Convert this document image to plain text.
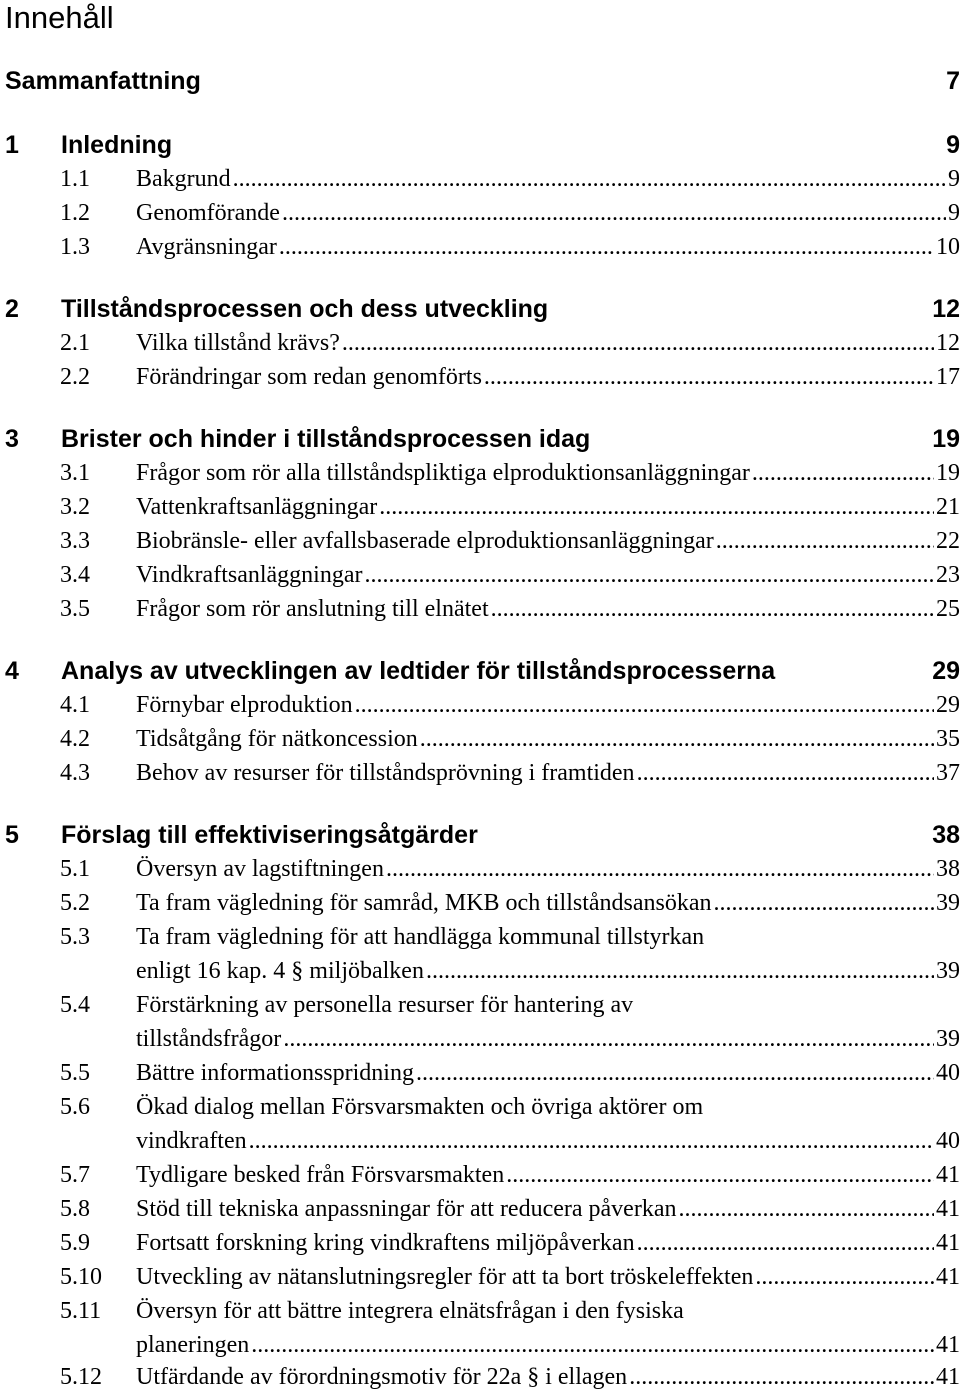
Innehåll
Sammanfattning	7
1 Inledning	9
1.1 Bakgrund .....	9
1.2 Genomförande .....	9
1.3 Avgränsningar .....	10
2 Tillståndsprocessen och dess utveckling	12
2.1 Vilka tillstånd krävs? .....	12
2.2 Förändringar som redan genomförts .....	17
3 Brister och hinder i tillståndsprocessen idag	19
3.1 Frågor som rör alla tillståndspliktiga elproduktionsanläggningar .....	19
3.2 Vattenkraftsanläggningar .....	21
3.3 Biobränsle- eller avfallsbaserade elproduktionsanläggningar .....	22
3.4 Vindkraftsanläggningar .....	23
3.5 Frågor som rör anslutning till elnätet .....	25
4 Analys av utvecklingen av ledtider för tillståndsprocesserna	29
4.1 Förnybar elproduktion .....	29
4.2 Tidsåtgång för nätkoncession .....	35
4.3 Behov av resurser för tillståndsprövning i framtiden .....	37
5 Förslag till effektiviseringsåtgärder	38
5.1 Översyn av lagstiftningen .....	38
5.2 Ta fram vägledning för samråd, MKB och tillståndsansökan .....	39
5.3 Ta fram vägledning för att handlägga kommunal tillstyrkan
enligt 16 kap. 4 § miljöbalken .....	39
5.4 Förstärkning av personella resurser för hantering av
tillståndsfrågor .....	39
5.5 Bättre informationsspridning .....	40
5.6 Ökad dialog mellan Försvarsmakten och övriga aktörer om
vindkraften .....	40
5.7 Tydligare besked från Försvarsmakten .....	41
5.8 Stöd till tekniska anpassningar för att reducera påverkan .....	41
5.9 Fortsatt forskning kring vindkraftens miljöpåverkan .....	41
5.10 Utveckling av nätanslutningsregler för att ta bort tröskeleffekten .....	41
5.11 Översyn för att bättre integrera elnätsfrågan i den fysiska
planeringen .....	41
5.12 Utfärdande av förordningsmotiv för 22a § i ellagen .....	41
